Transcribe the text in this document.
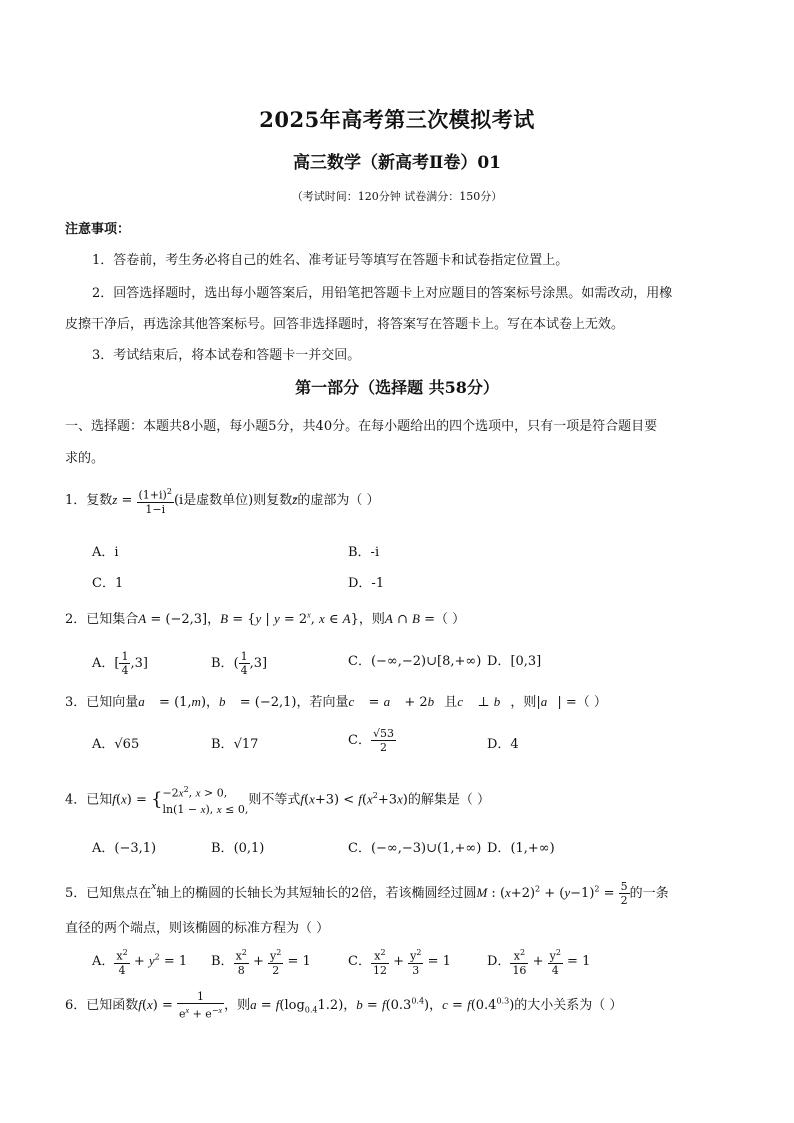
2025年高考第三次模拟考试
高三数学（新高考Ⅱ卷）01
（考试时间：120分钟 试卷满分：150分）
注意事项：
1．答卷前，考生务必将自己的姓名、准考证号等填写在答题卡和试卷指定位置上。
2．回答选择题时，选出每小题答案后，用铅笔把答题卡上对应题目的答案标号涂黑。如需改动，用橡
皮擦干净后，再选涂其他答案标号。回答非选择题时，将答案写在答题卡上。写在本试卷上无效。
3．考试结束后，将本试卷和答题卡一并交回。
第一部分（选择题 共58分）
一、选择题：本题共8小题，每小题5分，共40分。在每小题给出的四个选项中，只有一项是符合题目要
求的。
1．复数$z = \frac{(1+i)^2}{1-i} (i$是虚数单位)则复数z̄的虚部为（ ）
A．i	B．-i
C．1	D．-1
2．已知集合A = (−2,3]，B = {y | $y = 2^x$, x ∈ A}，则A ∩ B =（ ）
A．[ $\frac{1}{4} ,3$]	B．( $\frac{1}{4} ,3$]	C．(−∞,−2)∪[8,+∞) D．[0,3]
3．已知向量a⃗ = (1,m)，b⃗ = (−2,1)，若向量c⃗ = a⃗ + 2b⃗且c⃗ ⊥ b⃗，则|a⃗| =（ ）
A．√65	B．√17	C． $\frac{√53}{2}$	D．4
4．已知f(x) = { $-2x^2$, x > 0,
ln(1 − x), x ≤ 0,
则不等式$f(x+3) < f(x^2+3x)$的解集是（ ）
A．(−3,1)	B．(0,1)	C．(−∞,−3)∪(1,+∞) D．(1,+∞)
5．已知焦点在$^x$轴上的椭圆的长轴长为其短轴长的2倍，若该椭圆经过圆M : $(x+2)^2 + (y-1)^2 = \frac{5}{2}$ 的一条
直径的两个端点，则该椭圆的标准方程为（ ）
A． $\frac{x^2}{4} + y^2 = 1$ B． $\frac{x^2}{8} + \frac{y^2}{2} = 1$	C． $\frac{x^2}{12} + \frac{y^2}{3} = 1$	D． $\frac{x^2}{16} + \frac{y^2}{4} = 1$
6．已知函数$f(x) = \frac{1}{e^x + e^{-x}}$ ，则$a = f(\log_{0.4}1.2)$，$b = f(0.3^{0.4})$，$c = f(0.4^{0.3})$的大小关系为（ ）
